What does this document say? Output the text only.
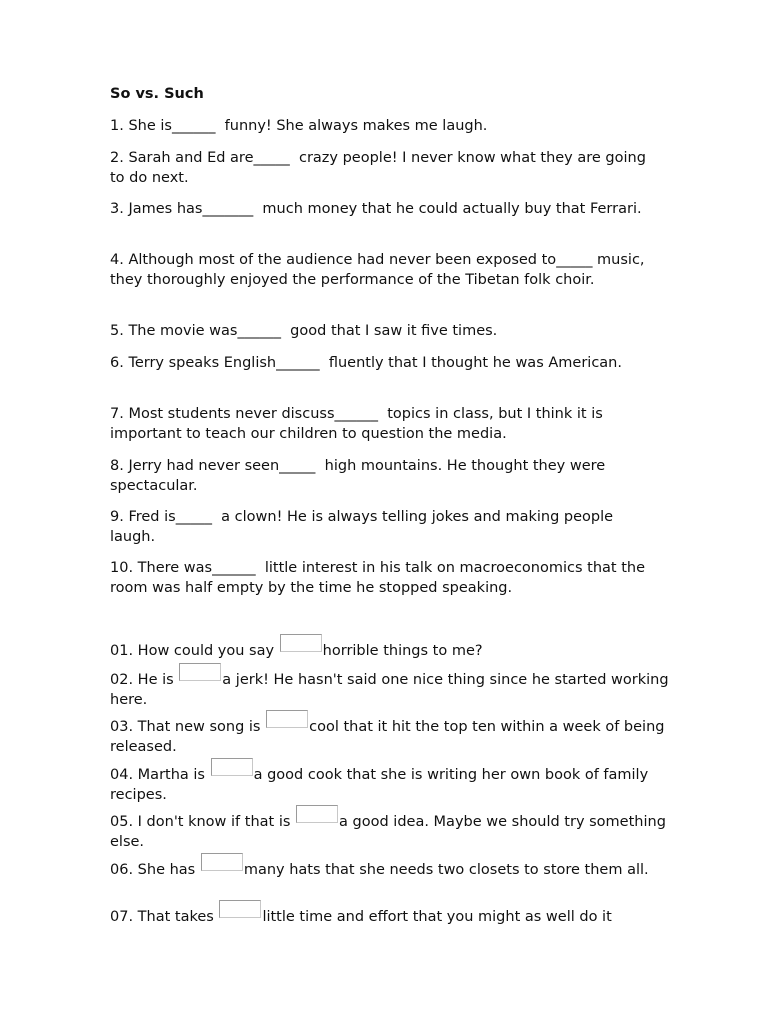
So vs. Such
1. She is______  funny! She always makes me laugh.
2. Sarah and Ed are_____  crazy people! I never know what they are going to do next.
3. James has_______  much money that he could actually buy that Ferrari.
4. Although most of the audience had never been exposed to_____ music, they thoroughly enjoyed the performance of the Tibetan folk choir.
5. The movie was______  good that I saw it five times.
6. Terry speaks English______  fluently that I thought he was American.
7. Most students never discuss______  topics in class, but I think it is important to teach our children to question the media.
8. Jerry had never seen_____  high mountains. He thought they were spectacular.
9. Fred is_____  a clown! He is always telling jokes and making people laugh.
10. There was______  little interest in his talk on macroeconomics that the room was half empty by the time he stopped speaking.
01. How could you say	horrible things to me?
02. He is	a jerk! He hasn't said one nice thing since he started working here.
03. That new song is	cool that it hit the top ten within a week of being released.
04. Martha is	a good cook that she is writing her own book of family recipes.
05. I don't know if that is	a good idea. Maybe we should try something else.
06. She has	many hats that she needs two closets to store them all.
07. That takes	little time and effort that you might as well do it
